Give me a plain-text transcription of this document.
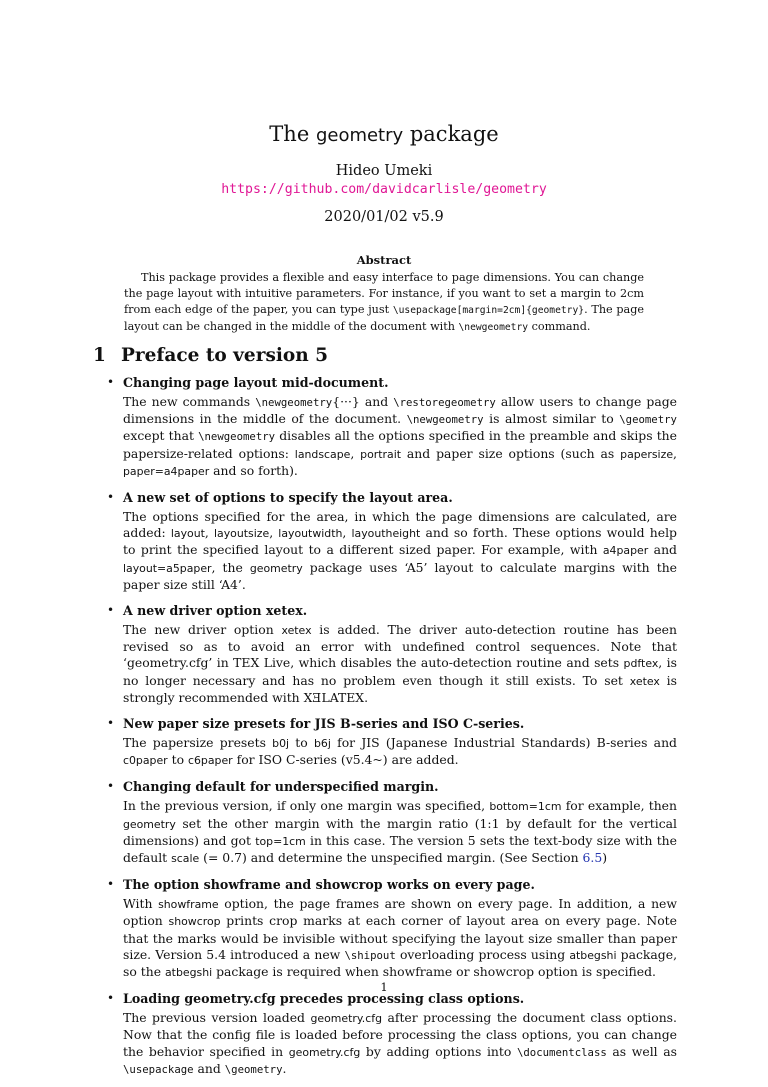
The geometry package
Hideo Umeki
https://github.com/davidcarlisle/geometry
2020/01/02 v5.9
Abstract

This package provides a flexible and easy interface to page dimensions. You can change the page layout with intuitive parameters. For instance, if you want to set a margin to 2cm from each edge of the paper, you can type just \usepackage[margin=2cm]{geometry}. The page layout can be changed in the middle of the document with \newgeometry command.

1 Preface to version 5
• Changing page layout mid-document.
The new commands \newgeometry{···} and \restoregeometry allow users to change page dimensions in the middle of the document. \newgeometry is almost similar to \geometry except that \newgeometry disables all the options specified in the preamble and skips the papersize-related options: landscape, portrait and paper size options (such as papersize, paper=a4paper and so forth).
• A new set of options to specify the layout area.
The options specified for the area, in which the page dimensions are calculated, are added: layout, layoutsize, layoutwidth, layoutheight and so forth. These options would help to print the specified layout to a different sized paper. For example, with a4paper and layout=a5paper, the geometry package uses ‘A5’ layout to calculate margins with the paper size still ‘A4’.
• A new driver option xetex.
The new driver option xetex is added. The driver auto-detection routine has been revised so as to avoid an error with undefined control sequences. Note that ‘geometry.cfg’ in TEX Live, which disables the auto-detection routine and sets pdftex, is no longer necessary and has no problem even though it still exists. To set xetex is strongly recommended with XƎLATEX.
• New paper size presets for JIS B-series and ISO C-series.
The papersize presets b0j to b6j for JIS (Japanese Industrial Standards) B-series and c0paper to c6paper for ISO C-series (v5.4~) are added.
• Changing default for underspecified margin.
In the previous version, if only one margin was specified, bottom=1cm for example, then geometry set the other margin with the margin ratio (1:1 by default for the vertical dimensions) and got top=1cm in this case. The version 5 sets the text-body size with the default scale (= 0.7) and determine the unspecified margin. (See Section 6.5)
• The option showframe and showcrop works on every page.
With showframe option, the page frames are shown on every page. In addition, a new option showcrop prints crop marks at each corner of layout area on every page. Note that the marks would be invisible without specifying the layout size smaller than paper size. Version 5.4 introduced a new \shipout overloading process using atbegshi package, so the atbegshi package is required when showframe or showcrop option is specified.
• Loading geometry.cfg precedes processing class options.
The previous version loaded geometry.cfg after processing the document class options. Now that the config file is loaded before processing the class options, you can change the behavior specified in geometry.cfg by adding options into \documentclass as well as \usepackage and \geometry.
1
